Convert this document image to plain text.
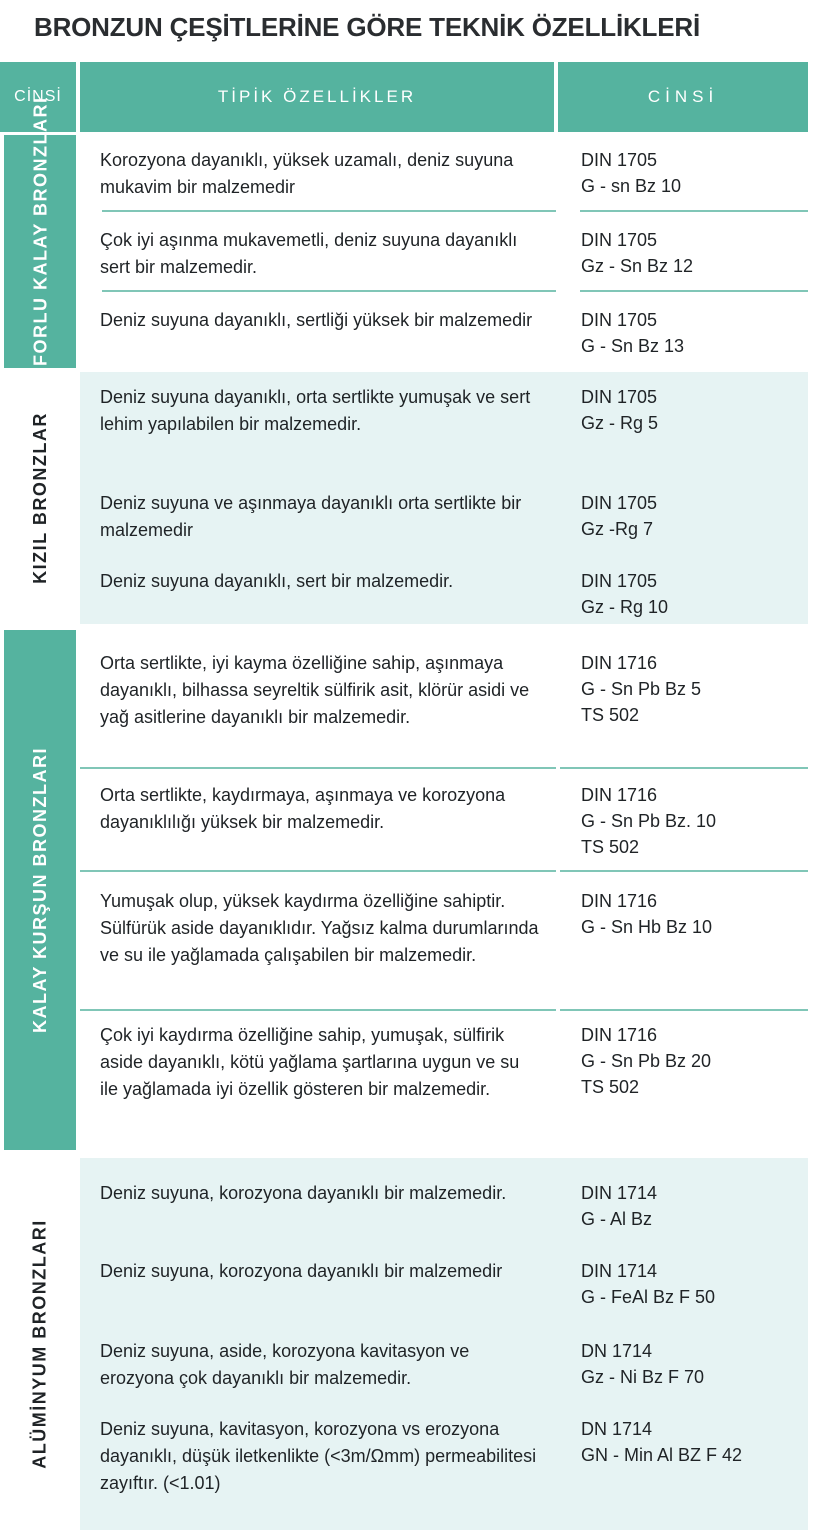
BRONZUN ÇEŞİTLERİNE GÖRE TEKNİK ÖZELLİKLERİ
CİNSİ	TİPİK ÖZELLİKLER	CİNSİ
FOSFORLU KALAY BRONZLARI	Korozyona dayanıklı, yüksek uzamalı, deniz suyuna mukavim bir malzemedir
DIN 1705
G - sn Bz 10
Çok iyi aşınma mukavemetli, deniz suyuna dayanıklı sert bir malzemedir.
DIN 1705
Gz - Sn Bz 12
Deniz suyuna dayanıklı, sertliği yüksek bir malzemedir	DIN 1705
G - Sn Bz 13
KIZIL BRONZLAR
Deniz suyuna dayanıklı, orta sertlikte yumuşak ve sert lehim yapılabilen bir malzemedir.
DIN 1705
Gz - Rg 5
Deniz suyuna ve aşınmaya dayanıklı orta sertlikte bir malzemedir
DIN 1705
Gz -Rg 7
Deniz suyuna dayanıklı, sert bir malzemedir.	DIN 1705
Gz - Rg 10
KALAY KURŞUN BRONZLARI
Orta sertlikte, iyi kayma özelliğine sahip, aşınmaya dayanıklı, bilhassa seyreltik sülfirik asit, klörür asidi ve yağ asitlerine dayanıklı bir malzemedir.
DIN 1716
G - Sn Pb Bz 5
TS 502
Orta sertlikte, kaydırmaya, aşınmaya ve korozyona dayanıklılığı yüksek bir malzemedir.
DIN 1716
G - Sn Pb Bz. 10
TS 502
Yumuşak olup, yüksek kaydırma özelliğine sahiptir. Sülfürük aside dayanıklıdır. Yağsız kalma durumlarında ve su ile yağlamada çalışabilen bir malzemedir.
DIN 1716
G - Sn Hb Bz 10
Çok iyi kaydırma özelliğine sahip, yumuşak, sülfirik aside dayanıklı, kötü yağlama şartlarına uygun ve su ile yağlamada iyi özellik gösteren bir malzemedir.
DIN 1716
G - Sn Pb Bz 20
TS 502
ALÜMİNYUM BRONZLARI
Deniz suyuna, korozyona dayanıklı bir malzemedir.	DIN 1714
G - Al Bz
Deniz suyuna, korozyona dayanıklı bir malzemedir	DIN 1714
G - FeAl Bz F 50
Deniz suyuna, aside, korozyona kavitasyon ve erozyona çok dayanıklı bir malzemedir.
DN 1714
Gz - Ni Bz F 70
Deniz suyuna, kavitasyon, korozyona vs erozyona dayanıklı, düşük iletkenlikte (<3m/Ωmm) permeabilitesi zayıftır. (<1.01)
DN 1714
GN - Min Al BZ F 42
